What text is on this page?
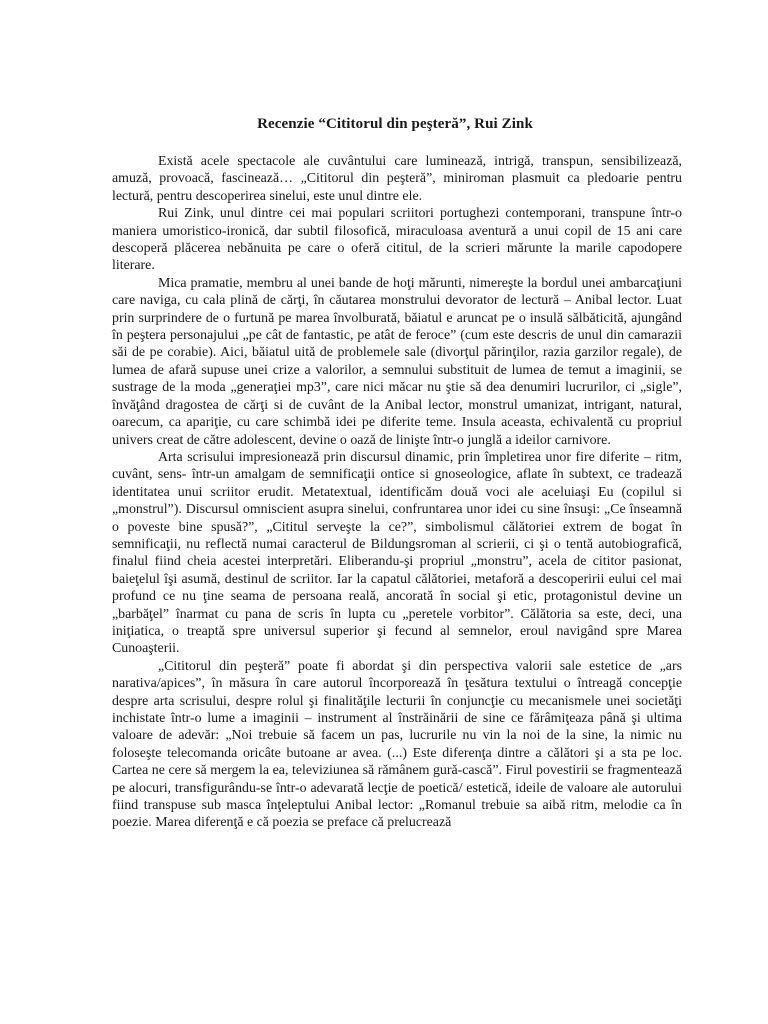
Recenzie “Cititorul din peşteră”, Rui Zink

Există acele spectacole ale cuvântului care luminează, intrigă, transpun, sensibilizează, amuză, provoacă, fascinează… „Cititorul din peşteră”, miniroman plasmuit ca pledoarie pentru lectură, pentru descoperirea sinelui, este unul dintre ele.

Rui Zink, unul dintre cei mai populari scriitori portughezi contemporani, transpune într-o maniera umoristico-ironică, dar subtil filosofică, miraculoasa aventură a unui copil de 15 ani care descoperă plăcerea nebănuita pe care o oferă cititul, de la scrieri mărunte la marile capodopere literare.

Mica pramatie, membru al unei bande de hoţi mărunti, nimereşte la bordul unei ambarcaţiuni care naviga, cu cala plină de cărţi, în căutarea monstrului devorator de lectură – Anibal lector. Luat prin surprindere de o furtună pe marea învolburată, băiatul e aruncat pe o insulă sălbăticită, ajungând în peştera personajului „pe cât de fantastic, pe atât de feroce” (cum este descris de unul din camarazii săi de pe corabie). Aici, băiatul uită de problemele sale (divorţul părinţilor, razia garzilor regale), de lumea de afară supuse unei crize a valorilor, a semnului substituit de lumea de temut a imaginii, se sustrage de la moda „generaţiei mp3”, care nici măcar nu ştie să dea denumiri lucrurilor, ci „sigle”, învăţând dragostea de cărţi si de cuvânt de la Anibal lector, monstrul umanizat, intrigant, natural, oarecum, ca apariţie, cu care schimbă idei pe diferite teme. Insula aceasta, echivalentă cu propriul univers creat de către adolescent, devine o oază de linişte într-o junglă a ideilor carnivore.

Arta scrisului impresionează prin discursul dinamic, prin împletirea unor fire diferite – ritm, cuvânt, sens- într-un amalgam de semnificaţii ontice si gnoseologice, aflate în subtext, ce tradează identitatea unui scriitor erudit. Metatextual, identificăm două voci ale aceluiaşi Eu (copilul si „monstrul”). Discursul omniscient asupra sinelui, confruntarea unor idei cu sine însuşi: „Ce înseamnă o poveste bine spusă?”, „Cititul serveşte la ce?”, simbolismul călătoriei extrem de bogat în semnificaţii, nu reflectă numai caracterul de Bildungsroman al scrierii, ci şi o tentă autobiografică, finalul fiind cheia acestei interpretări. Eliberandu-şi propriul „monstru”, acela de cititor pasionat, baieţelul îşi asumă, destinul de scriitor. Iar la capatul călătoriei, metaforă a descoperirii eului cel mai profund ce nu ţine seama de persoana reală, ancorată în social şi etic, protagonistul devine un „barbăţel” înarmat cu pana de scris în lupta cu „peretele vorbitor”. Călătoria sa este, deci, una iniţiatica, o treaptă spre universul superior şi fecund al semnelor, eroul navigând spre Marea Cunoaşterii.

„Cititorul din peşteră” poate fi abordat şi din perspectiva valorii sale estetice de „ars narativa/apices”, în măsura în care autorul încorporează în ţesătura textului o întreagă concepţie despre arta scrisului, despre rolul şi finalităţile lecturii în conjuncţie cu mecanismele unei societăţi inchistate într-o lume a imaginii – instrument al înstrăinării de sine ce fărâmiţeaza până şi ultima valoare de adevăr: „Noi trebuie să facem un pas, lucrurile nu vin la noi de la sine, la nimic nu foloseşte telecomanda oricâte butoane ar avea. (...) Este diferenţa dintre a călători şi a sta pe loc. Cartea ne cere să mergem la ea, televiziunea să rămânem gură-cască”. Firul povestirii se fragmentează pe alocuri, transfigurându-se într-o adevarată lecţie de poetică/ estetică, ideile de valoare ale autorului fiind transpuse sub masca înţeleptului Anibal lector: „Romanul trebuie sa aibă ritm, melodie ca în poezie. Marea diferenţă e că poezia se preface că prelucrează
